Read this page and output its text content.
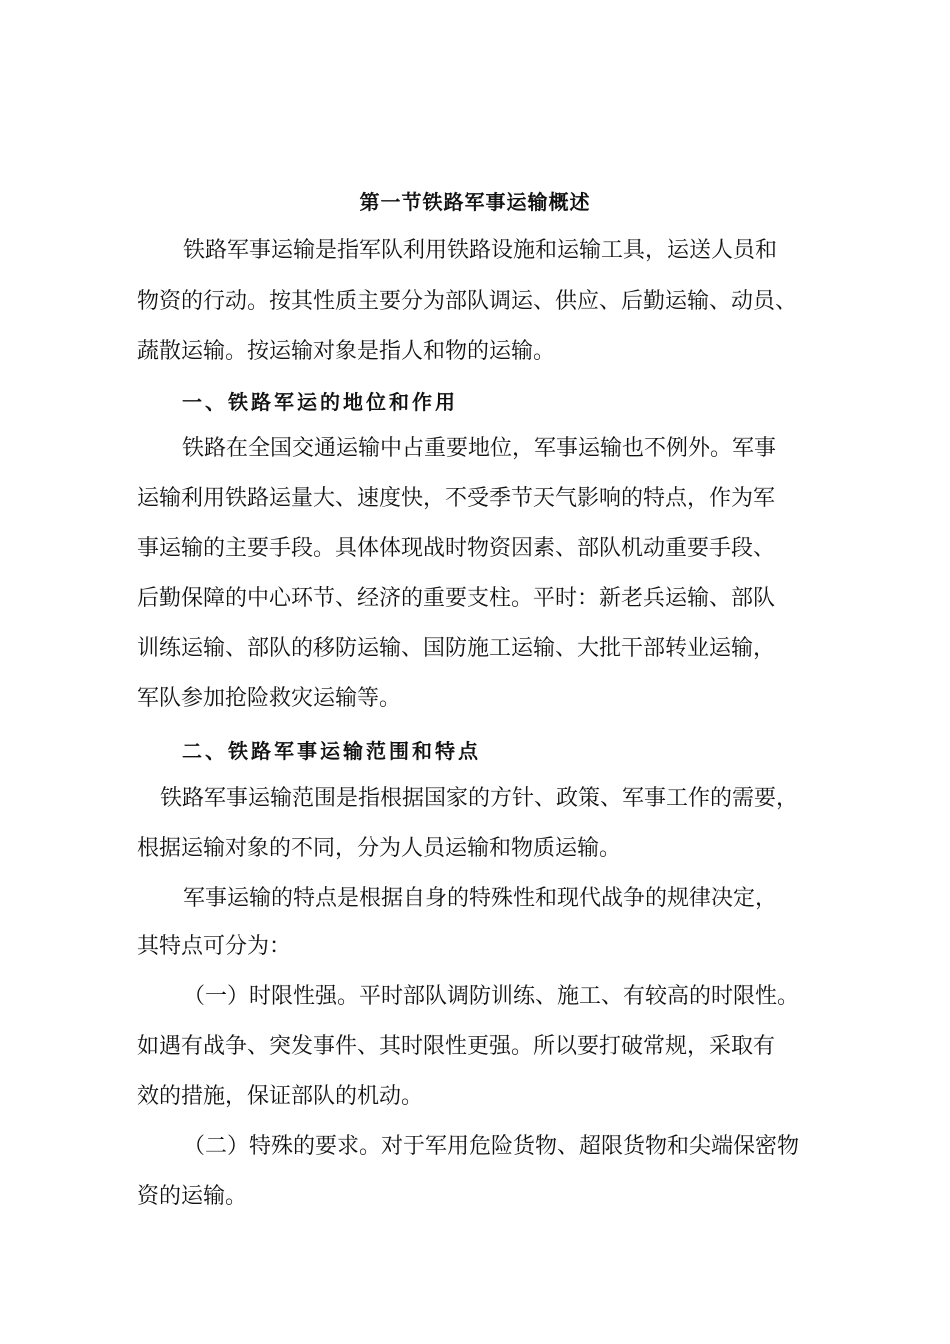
第一节铁路军事运输概述
铁路军事运输是指军队利用铁路设施和运输工具，运送人员和
物资的行动。按其性质主要分为部队调运、供应、后勤运输、动员、
蔬散运输。按运输对象是指人和物的运输。
一、铁路军运的地位和作用
铁路在全国交通运输中占重要地位，军事运输也不例外。军事
运输利用铁路运量大、速度快，不受季节天气影响的特点，作为军
事运输的主要手段。具体体现战时物资因素、部队机动重要手段、
后勤保障的中心环节、经济的重要支柱。平时：新老兵运输、部队
训练运输、部队的移防运输、国防施工运输、大批干部转业运输，
军队参加抢险救灾运输等。
二、铁路军事运输范围和特点
铁路军事运输范围是指根据国家的方针、政策、军事工作的需要，
根据运输对象的不同，分为人员运输和物质运输。
军事运输的特点是根据自身的特殊性和现代战争的规律决定，
其特点可分为：
（一）时限性强。平时部队调防训练、施工、有较高的时限性。
如遇有战争、突发事件、其时限性更强。所以要打破常规，采取有
效的措施，保证部队的机动。
（二）特殊的要求。对于军用危险货物、超限货物和尖端保密物
资的运输。
